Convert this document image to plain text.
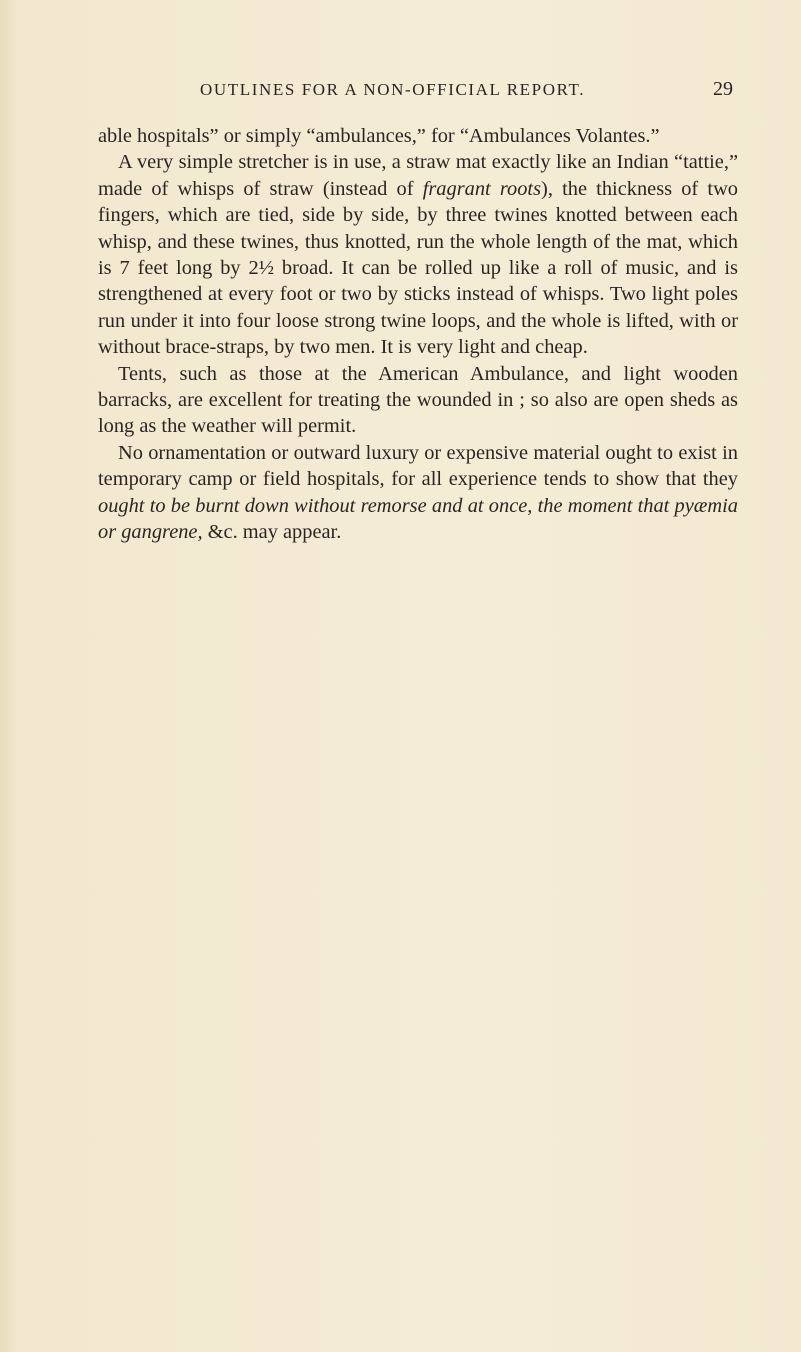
OUTLINES FOR A NON-OFFICIAL REPORT.	29

able hospitals” or simply “ambulances,” for “Ambulances Volantes.”

A very simple stretcher is in use, a straw mat exactly like an Indian “tattie,” made of whisps of straw (instead of fragrant roots), the thickness of two fingers, which are tied, side by side, by three twines knotted between each whisp, and these twines, thus knotted, run the whole length of the mat, which is 7 feet long by 2½ broad. It can be rolled up like a roll of music, and is strengthened at every foot or two by sticks instead of whisps. Two light poles run under it into four loose strong twine loops, and the whole is lifted, with or without brace-straps, by two men. It is very light and cheap.

Tents, such as those at the American Ambulance, and light wooden barracks, are excellent for treating the wounded in ; so also are open sheds as long as the weather will permit.

No ornamentation or outward luxury or expensive material ought to exist in temporary camp or field hospitals, for all experience tends to show that they ought to be burnt down without remorse and at once, the moment that pyæmia or gangrene, &c. may appear.
